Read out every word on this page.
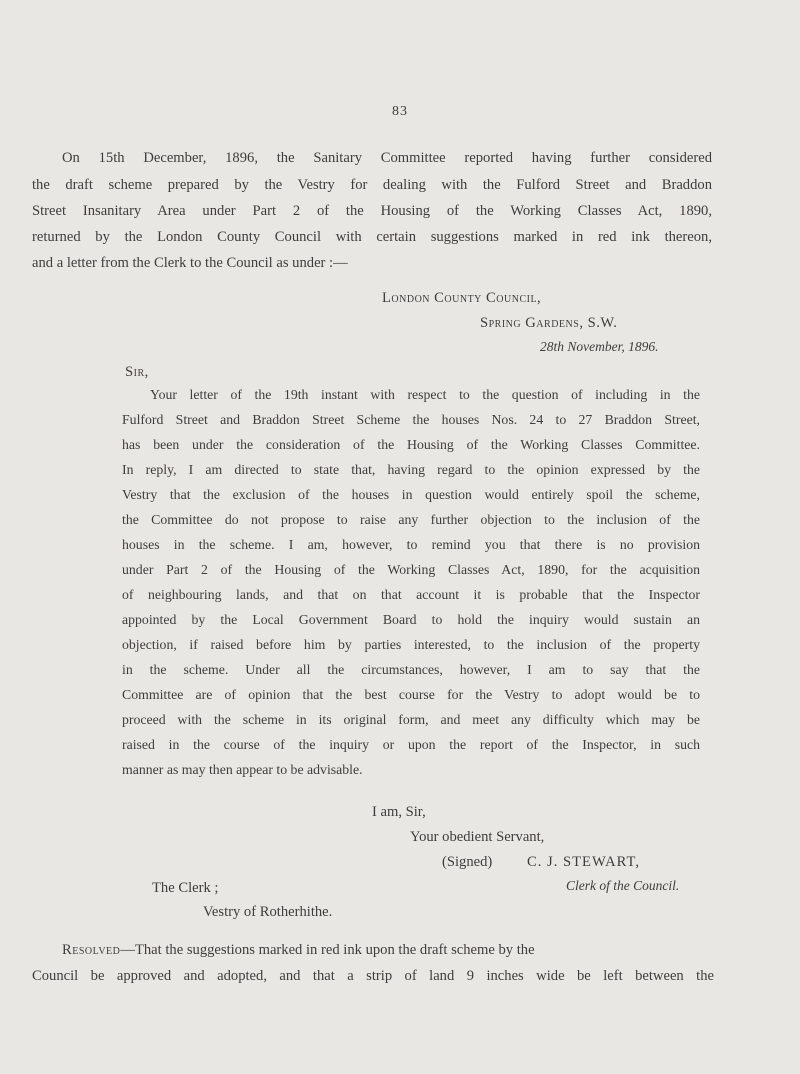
83
On 15th December, 1896, the Sanitary Committee reported having further considered
the draft scheme prepared by the Vestry for dealing with the Fulford Street and Braddon
Street Insanitary Area under Part 2 of the Housing of the Working Classes Act, 1890,
returned by the London County Council with certain suggestions marked in red ink thereon,
and a letter from the Clerk to the Council as under :—
London County Council,
Spring Gardens, S.W.
28th November, 1896.
Sir,
Your letter of the 19th instant with respect to the question of including in the
Fulford Street and Braddon Street Scheme the houses Nos. 24 to 27 Braddon Street,
has been under the consideration of the Housing of the Working Classes Committee.
In reply, I am directed to state that, having regard to the opinion expressed by the
Vestry that the exclusion of the houses in question would entirely spoil the scheme,
the Committee do not propose to raise any further objection to the inclusion of the
houses in the scheme. I am, however, to remind you that there is no provision
under Part 2 of the Housing of the Working Classes Act, 1890, for the acquisition
of neighbouring lands, and that on that account it is probable that the Inspector
appointed by the Local Government Board to hold the inquiry would sustain an
objection, if raised before him by parties interested, to the inclusion of the property
in the scheme. Under all the circumstances, however, I am to say that the
Committee are of opinion that the best course for the Vestry to adopt would be to
proceed with the scheme in its original form, and meet any difficulty which may be
raised in the course of the inquiry or upon the report of the Inspector, in such
manner as may then appear to be advisable.
I am, Sir,
Your obedient Servant,
(Signed) C. J. STEWART,
The Clerk ;	Clerk of the Council.
Vestry of Rotherhithe.
Resolved—That the suggestions marked in red ink upon the draft scheme by the
Council be approved and adopted, and that a strip of land 9 inches wide be left between the
